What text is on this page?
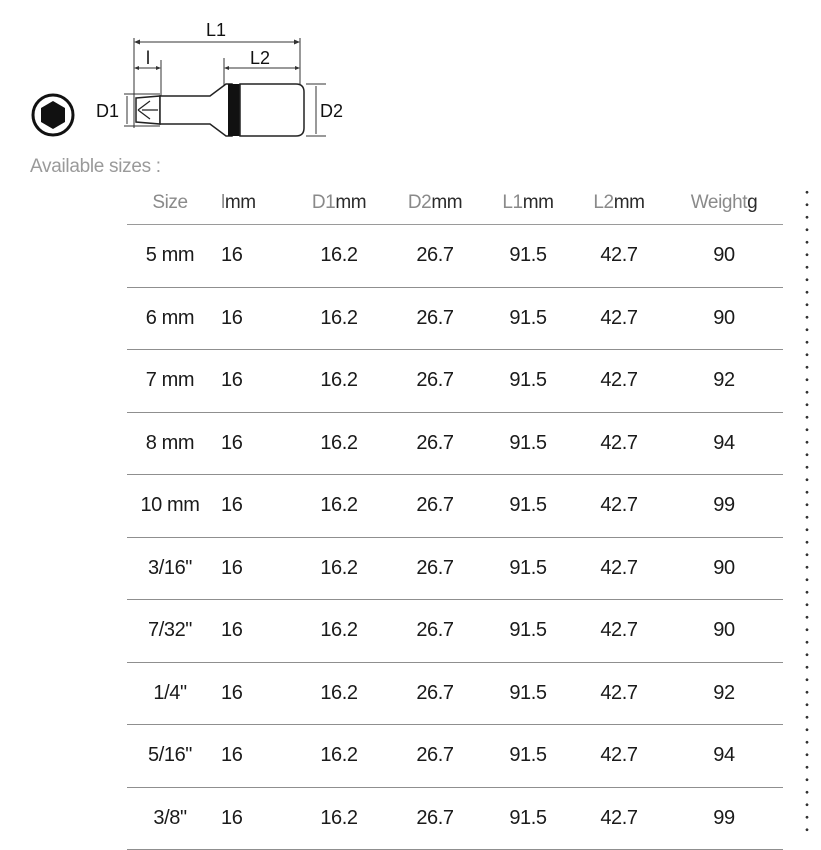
L1
l	L2
D1	D2
Available sizes :
Size	lmm	D1mm	D2mm	L1mm	L2mm	Weightg
5 mm	16	16.2	26.7	91.5	42.7	90
6 mm	16	16.2	26.7	91.5	42.7	90
7 mm	16	16.2	26.7	91.5	42.7	92
8 mm	16	16.2	26.7	91.5	42.7	94
10 mm	16	16.2	26.7	91.5	42.7	99
3/16"	16	16.2	26.7	91.5	42.7	90
7/32"	16	16.2	26.7	91.5	42.7	90
1/4"	16	16.2	26.7	91.5	42.7	92
5/16"	16	16.2	26.7	91.5	42.7	94
3/8"	16	16.2	26.7	91.5	42.7	99
